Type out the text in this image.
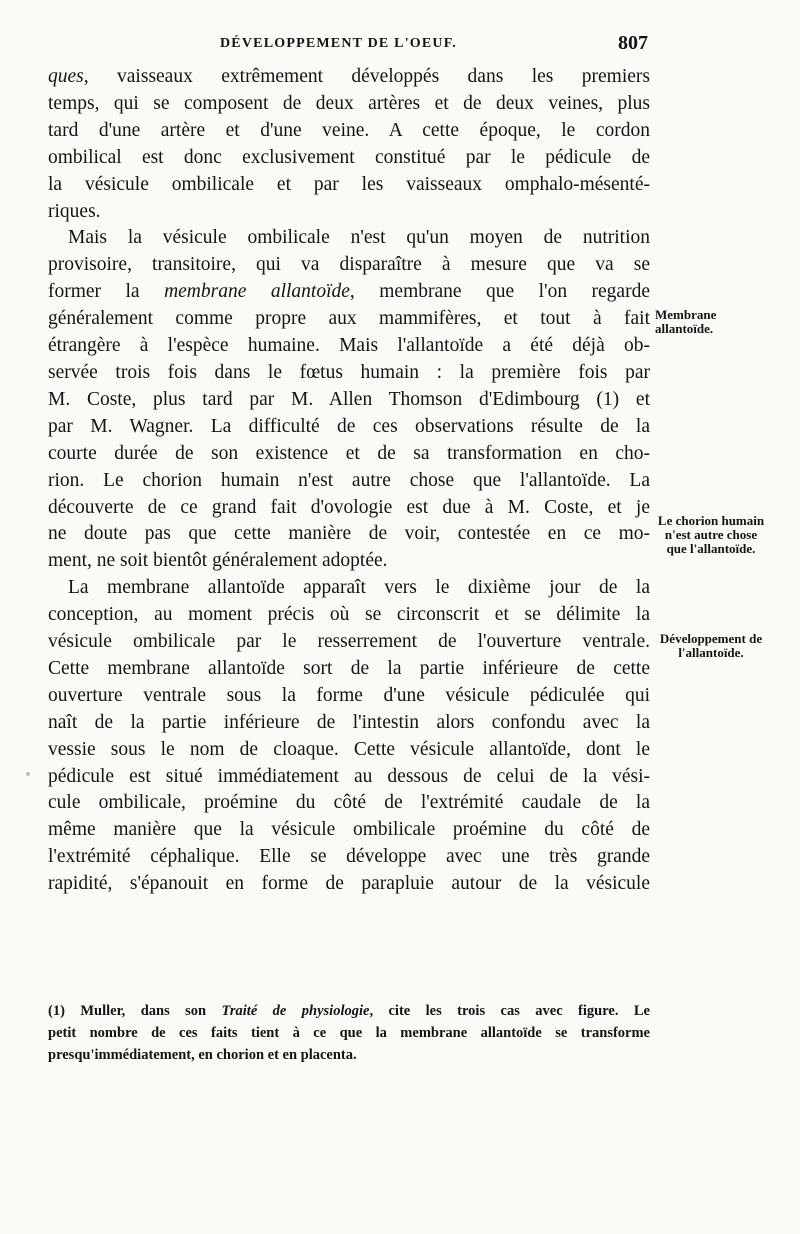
DÉVELOPPEMENT DE L'OEUF.	807
ques, vaisseaux extrêmement développés dans les premiers
temps, qui se composent de deux artères et de deux veines, plus
tard d'une artère et d'une veine. A cette époque, le cordon
ombilical est donc exclusivement constitué par le pédicule de
la vésicule ombilicale et par les vaisseaux omphalo-mésenté-
riques.
Mais la vésicule ombilicale n'est qu'un moyen de nutrition
provisoire, transitoire, qui va disparaître à mesure que va se
former la membrane allantoïde, membrane que l'on regarde
généralement comme propre aux mammifères, et tout à fait
étrangère à l'espèce humaine. Mais l'allantoïde a été déjà ob-
servée trois fois dans le fœtus humain : la première fois par
M. Coste, plus tard par M. Allen Thomson d'Edimbourg (1) et
par M. Wagner. La difficulté de ces observations résulte de la
courte durée de son existence et de sa transformation en cho-
rion. Le chorion humain n'est autre chose que l'allantoïde. La
découverte de ce grand fait d'ovologie est due à M. Coste, et je
ne doute pas que cette manière de voir, contestée en ce mo-
ment, ne soit bientôt généralement adoptée.
La membrane allantoïde apparaît vers le dixième jour de la
conception, au moment précis où se circonscrit et se délimite la
vésicule ombilicale par le resserrement de l'ouverture ventrale.
Cette membrane allantoïde sort de la partie inférieure de cette
ouverture ventrale sous la forme d'une vésicule pédiculée qui
naît de la partie inférieure de l'intestin alors confondu avec la
vessie sous le nom de cloaque. Cette vésicule allantoïde, dont le
pédicule est situé immédiatement au dessous de celui de la vési-
cule ombilicale, proémine du côté de l'extrémité caudale de la
même manière que la vésicule ombilicale proémine du côté de
l'extrémité céphalique. Elle se développe avec une très grande
rapidité, s'épanouit en forme de parapluie autour de la vésicule
Membrane allantoïde.
Le chorion humain n'est autre chose que l'allantoïde.
Développement de l'allantoïde.
(1) Muller, dans son Traité de physiologie, cite les trois cas avec figure. Le
petit nombre de ces faits tient à ce que la membrane allantoïde se transforme
presqu'immédiatement, en chorion et en placenta.
